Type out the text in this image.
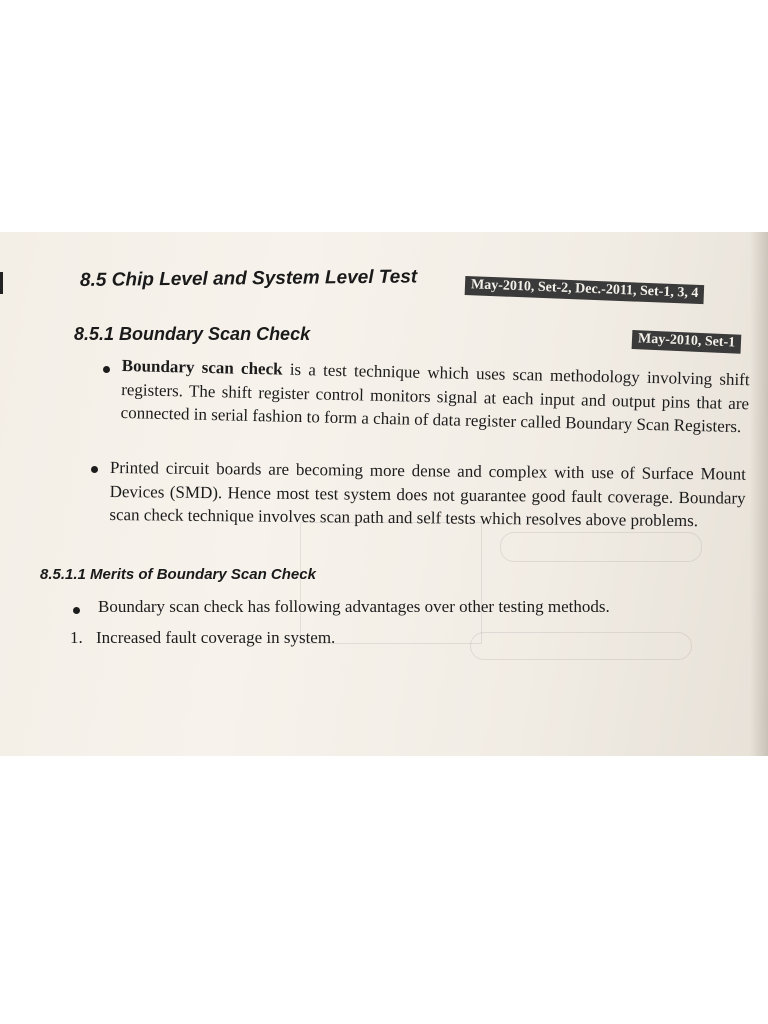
8.5 Chip Level and System Level Test	May-2010, Set-2, Dec.-2011, Set-1, 3, 4
8.5.1 Boundary Scan Check	May-2010, Set-1
Boundary scan check is a test technique which uses scan methodology involving shift registers. The shift register control monitors signal at each input and output pins that are connected in serial fashion to form a chain of data register called Boundary Scan Registers.
Printed circuit boards are becoming more dense and complex with use of Surface Mount Devices (SMD). Hence most test system does not guarantee good fault coverage. Boundary scan check technique involves scan path and self tests which resolves above problems.
8.5.1.1 Merits of Boundary Scan Check
Boundary scan check has following advantages over other testing methods.
1. Increased fault coverage in system.
